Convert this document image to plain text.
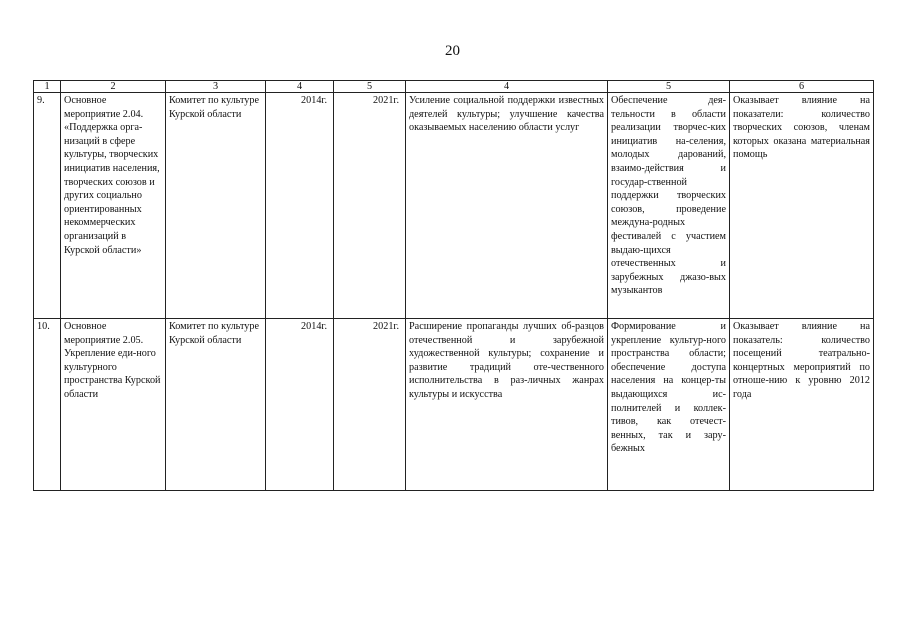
20
1	2	3	4	5	4	5	6
9.	Основное мероприятие 2.04. «Поддержка орга-низаций в сфере культуры, творческих инициатив населения, творческих союзов и других социально ориентированных некоммерческих организаций в Курской области»	Комитет по культуре Курской области	2014г.	2021г.	Усиление социальной поддержки известных деятелей культуры; улучшение качества оказываемых населению области услуг	Обеспечение дея-тельности в области реализации творчес-ких инициатив на-селения, молодых дарований, взаимо-действия и государ-ственной поддержки творческих союзов, проведение междуна-родных фестивалей с участием выдаю-щихся отечественных и зарубежных джазо-вых музыкантов	Оказывает влияние на показатели: количество творческих союзов, членам которых оказана материальная помощь
10.	Основное мероприятие 2.05. Укрепление еди-ного культурного пространства Курской области	Комитет по культуре Курской области	2014г.	2021г.	Расширение пропаганды лучших об-разцов отечественной и зарубежной художественной культуры; сохранение и развитие традиций оте-чественного исполнительства в раз-личных жанрах культуры и искусства	Формирование и укрепление культур-ного пространства области; обеспечение доступа населения на концер-ты выдающихся ис-полнителей и коллек-тивов, как отечест-венных, так и зару-бежных	Оказывает влияние на показатель: количество посещений театрально-концертных мероприятий по отноше-нию к уровню 2012 года
